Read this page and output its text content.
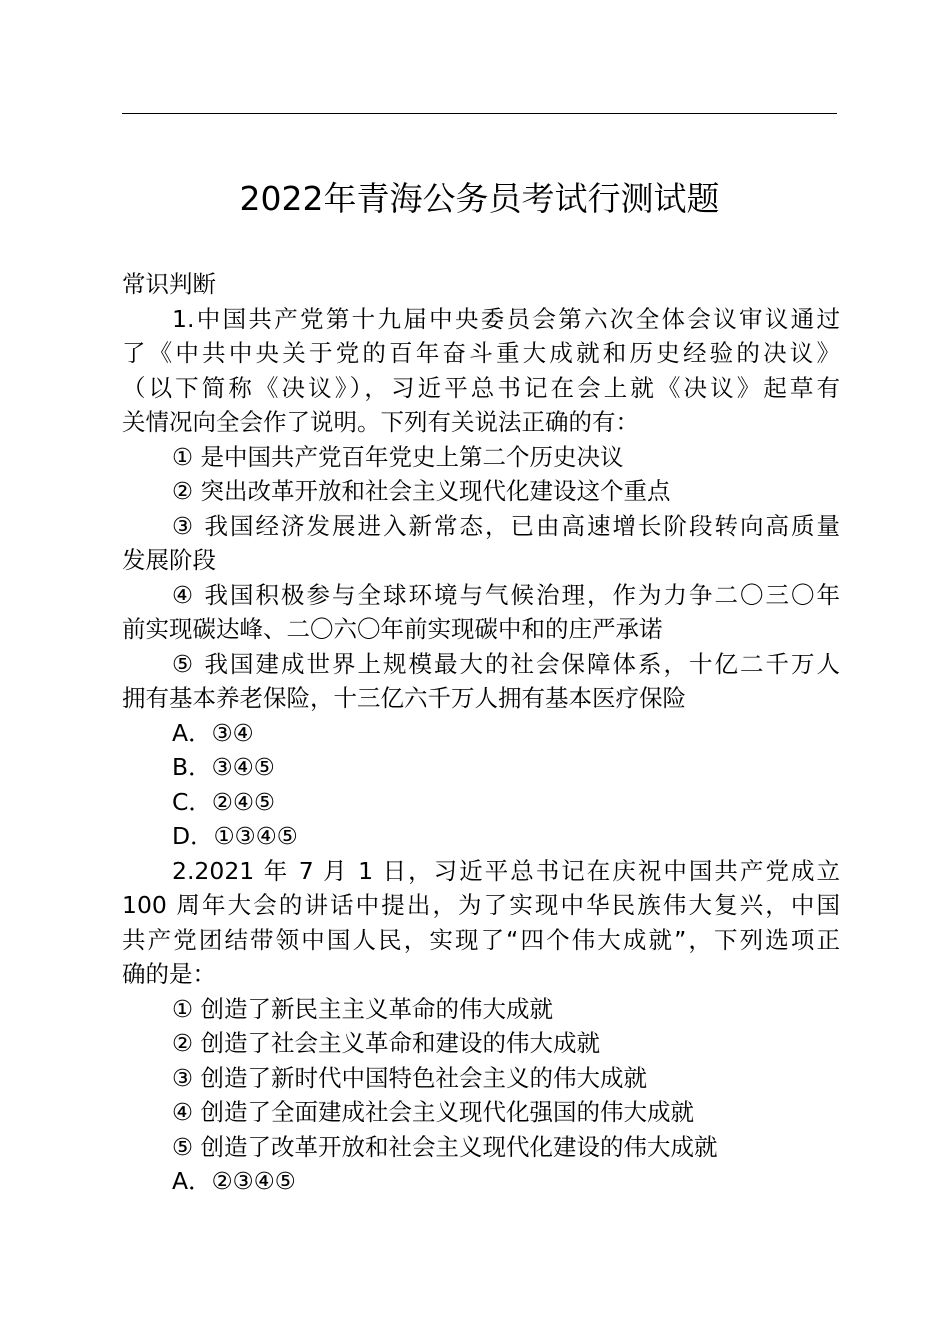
2022年青海公务员考试行测试题
常识判断
1.中国共产党第十九届中央委员会第六次全体会议审议通过
了《中共中央关于党的百年奋斗重大成就和历史经验的决议》
（以下简称《决议》），习近平总书记在会上就《决议》起草有
关情况向全会作了说明。下列有关说法正确的有：
① 是中国共产党百年党史上第二个历史决议
② 突出改革开放和社会主义现代化建设这个重点
③ 我国经济发展进入新常态，已由高速增长阶段转向高质量
发展阶段
④ 我国积极参与全球环境与气候治理，作为力争二〇三〇年
前实现碳达峰、二〇六〇年前实现碳中和的庄严承诺
⑤ 我国建成世界上规模最大的社会保障体系，十亿二千万人
拥有基本养老保险，十三亿六千万人拥有基本医疗保险
A．③④
B．③④⑤
C．②④⑤
D．①③④⑤
2.2021 年 7 月 1 日，习近平总书记在庆祝中国共产党成立
100 周年大会的讲话中提出，为了实现中华民族伟大复兴，中国
共产党团结带领中国人民，实现了“四个伟大成就”，下列选项正
确的是：
① 创造了新民主主义革命的伟大成就
② 创造了社会主义革命和建设的伟大成就
③ 创造了新时代中国特色社会主义的伟大成就
④ 创造了全面建成社会主义现代化强国的伟大成就
⑤ 创造了改革开放和社会主义现代化建设的伟大成就
A．②③④⑤
